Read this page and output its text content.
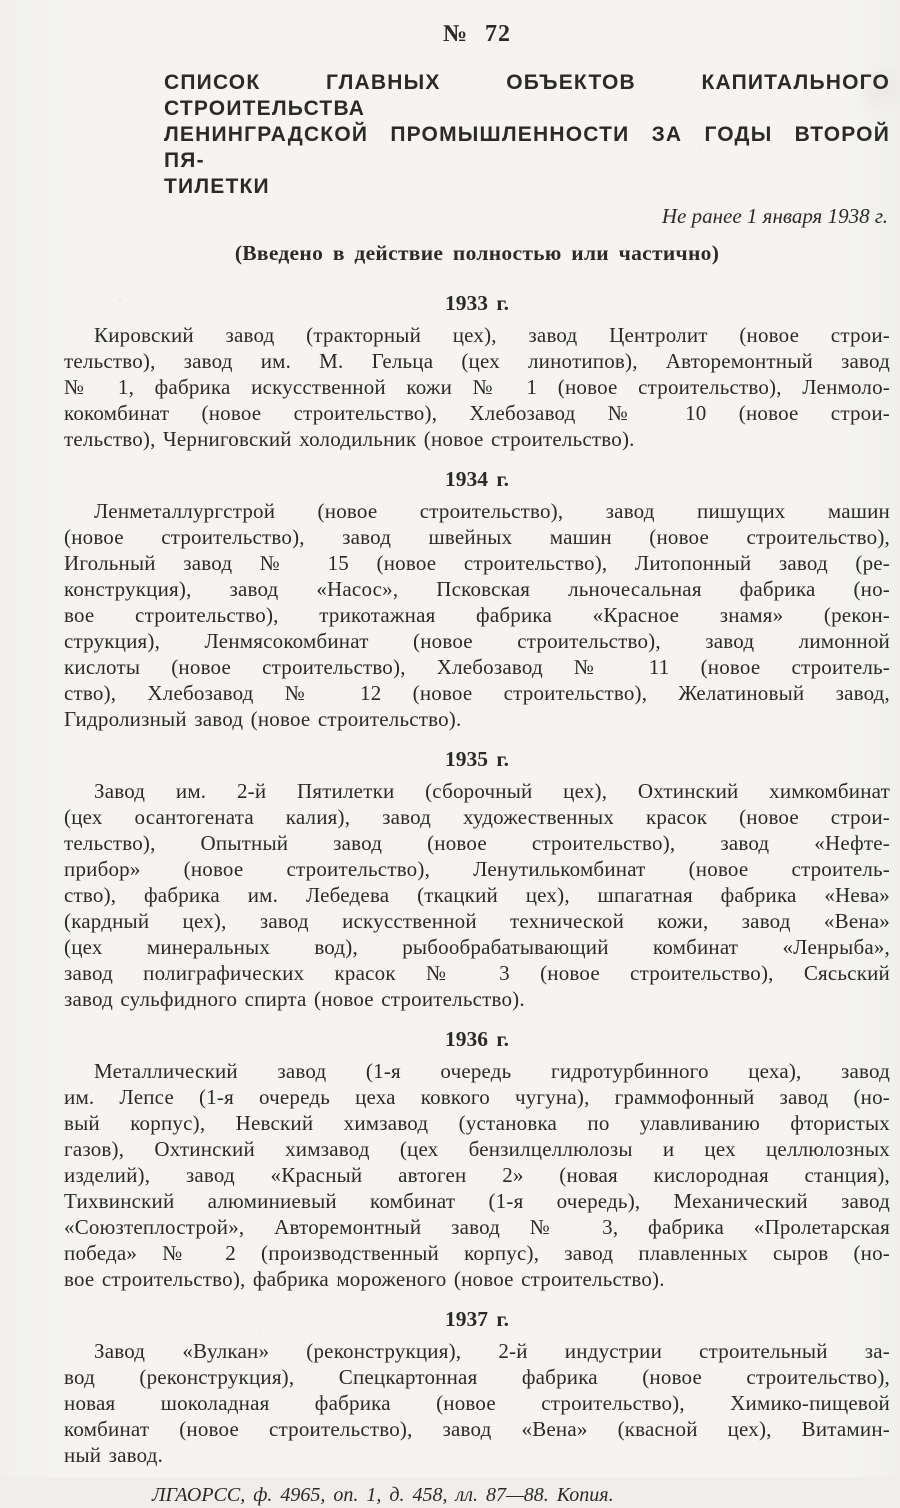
№ 72
СПИСОК ГЛАВНЫХ ОБЪЕКТОВ КАПИТАЛЬНОГО СТРОИТЕЛЬСТВА
ЛЕНИНГРАДСКОЙ ПРОМЫШЛЕННОСТИ ЗА ГОДЫ ВТОРОЙ ПЯ-
ТИЛЕТКИ
Не ранее 1 января 1938 г.
(Введено в действие полностью или частично)
1933 г.
Кировский завод (тракторный цех), завод Центролит (новое строи-
тельство), завод им. М. Гельца (цех линотипов), Авторемонтный завод
№ 1, фабрика искусственной кожи № 1 (новое строительство), Ленмоло-
кокомбинат (новое строительство), Хлебозавод № 10 (новое строи-
тельство), Черниговский холодильник (новое строительство).
1934 г.
Ленметаллургстрой (новое строительство), завод пишущих машин
(новое строительство), завод швейных машин (новое строительство),
Игольный завод № 15 (новое строительство), Литопонный завод (ре-
конструкция), завод «Насос», Псковская льночесальная фабрика (но-
вое строительство), трикотажная фабрика «Красное знамя» (рекон-
струкция), Ленмясокомбинат (новое строительство), завод лимонной
кислоты (новое строительство), Хлебозавод № 11 (новое строитель-
ство), Хлебозавод № 12 (новое строительство), Желатиновый завод,
Гидролизный завод (новое строительство).
1935 г.
Завод им. 2-й Пятилетки (сборочный цех), Охтинский химкомбинат
(цех осантогената калия), завод художественных красок (новое строи-
тельство), Опытный завод (новое строительство), завод «Нефте-
прибор» (новое строительство), Ленутилькомбинат (новое строитель-
ство), фабрика им. Лебедева (ткацкий цех), шпагатная фабрика «Нева»
(кардный цех), завод искусственной технической кожи, завод «Вена»
(цех минеральных вод), рыбообрабатывающий комбинат «Ленрыба»,
завод полиграфических красок № 3 (новое строительство), Сясьский
завод сульфидного спирта (новое строительство).
1936 г.
Металлический завод (1-я очередь гидротурбинного цеха), завод
им. Лепсе (1-я очередь цеха ковкого чугуна), граммофонный завод (но-
вый корпус), Невский химзавод (установка по улавливанию фтористых
газов), Охтинский химзавод (цех бензилцеллюлозы и цех целлюлозных
изделий), завод «Красный автоген 2» (новая кислородная станция),
Тихвинский алюминиевый комбинат (1-я очередь), Механический завод
«Союзтеплострой», Авторемонтный завод № 3, фабрика «Пролетарская
победа» № 2 (производственный корпус), завод плавленных сыров (но-
вое строительство), фабрика мороженого (новое строительство).
1937 г.
Завод «Вулкан» (реконструкция), 2-й индустрии строительный за-
вод (реконструкция), Спецкартонная фабрика (новое строительство),
новая шоколадная фабрика (новое строительство), Химико-пищевой
комбинат (новое строительство), завод «Вена» (квасной цех), Витамин-
ный завод.
ЛГАОРСС, ф. 4965, оп. 1, д. 458, лл. 87—88. Копия.
